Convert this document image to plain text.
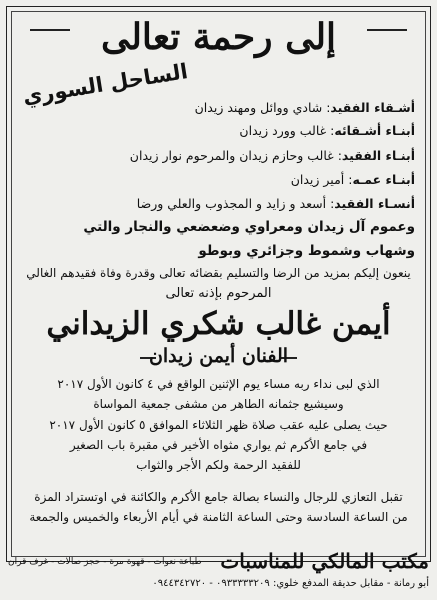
إلى رحمة تعالى
الساحل السوري	أشـقاء الفقيد: شادي ووائل ومهند زيدان
أبنـاء أشـقائه: غالب وورد زيدان
أبنـاء الفقيد: غالب وحازم زيدان والمرحوم نوار زيدان
أبنـاء عمـه: أمير زيدان
أنسـاء الفقيد: أسعد و زايد و المجذوب والعلي ورضا
وعموم آل زيدان ومعراوي وضعضعي والنجار والتي
وشهاب وشموط وجزائري وبوطو
ينعون إليكم بمزيد من الرضا والتسليم بقضائه تعالى وقدرة وفاة فقيدهم الغالي
المرحوم بإذنه تعالى
أيمن غالب شكري الزيداني
الفنان أيمن زيدان
الذي لبى نداء ربه مساء يوم الإثنين الواقع في ٤ كانون الأول ٢٠١٧
وسيشيع جثمانه الطاهر من مشفى جمعية المواساة
حيث يصلى عليه عقب صلاة ظهر الثلاثاء الموافق ٥ كانون الأول ٢٠١٧
في جامع الأكرم ثم يواري مثواه الأخير في مقبرة باب الصغير
للفقيد الرحمة ولكم الأجر والثواب
تقبل التعازي للرجال والنساء بصالة جامع الأكرم والكائنة في اوتستراد المزة
من الساعة السادسة وحتى الساعة الثامنة في أيام الأربعاء والخميس والجمعة
مكتب المالكي للمناسبات
طباعة نعوات - قهوة مرة - حجز صالات - غرف قران
أبو رمانة - مقابل حديقة المدفع خلوي: ٠٩٣٣٣٣٣٢٠٩ - ٠٩٤٤٣٤٢٧٢٠
